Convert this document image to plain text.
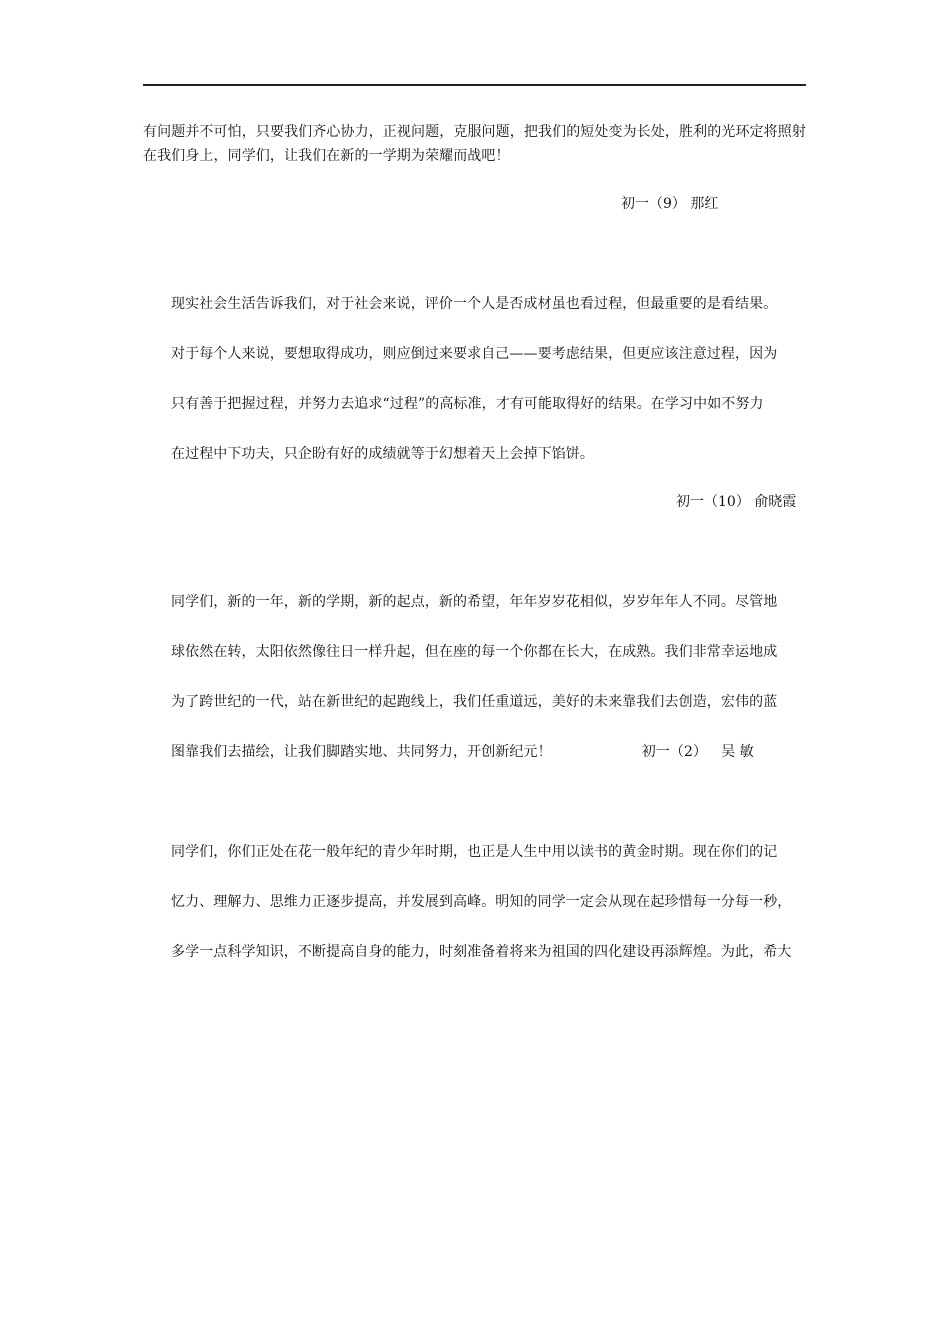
有问题并不可怕，只要我们齐心协力，正视问题，克服问题，把我们的短处变为长处，胜利的光环定将照射在我们身上，同学们，让我们在新的一学期为荣耀而战吧！

初一（9） 那红

现实社会生活告诉我们，对于社会来说，评价一个人是否成材虽也看过程，但最重要的是看结果。

对于每个人来说，要想取得成功，则应倒过来要求自己——要考虑结果，但更应该注意过程，因为

只有善于把握过程，并努力去追求“过程”的高标准，才有可能取得好的结果。在学习中如不努力

在过程中下功夫，只企盼有好的成绩就等于幻想着天上会掉下馅饼。

初一（10） 俞晓霞

同学们，新的一年，新的学期，新的起点，新的希望，年年岁岁花相似，岁岁年年人不同。尽管地

球依然在转，太阳依然像往日一样升起，但在座的每一个你都在长大，在成熟。我们非常幸运地成

为了跨世纪的一代，站在新世纪的起跑线上，我们任重道远，美好的未来靠我们去创造，宏伟的蓝

图靠我们去描绘，让我们脚踏实地、共同努力，开创新纪元！	初一（2） 吴 敏

同学们，你们正处在花一般年纪的青少年时期，也正是人生中用以读书的黄金时期。现在你们的记

忆力、理解力、思维力正逐步提高，并发展到高峰。明知的同学一定会从现在起珍惜每一分每一秒，

多学一点科学知识，不断提高自身的能力，时刻准备着将来为祖国的四化建设再添辉煌。为此，希大
